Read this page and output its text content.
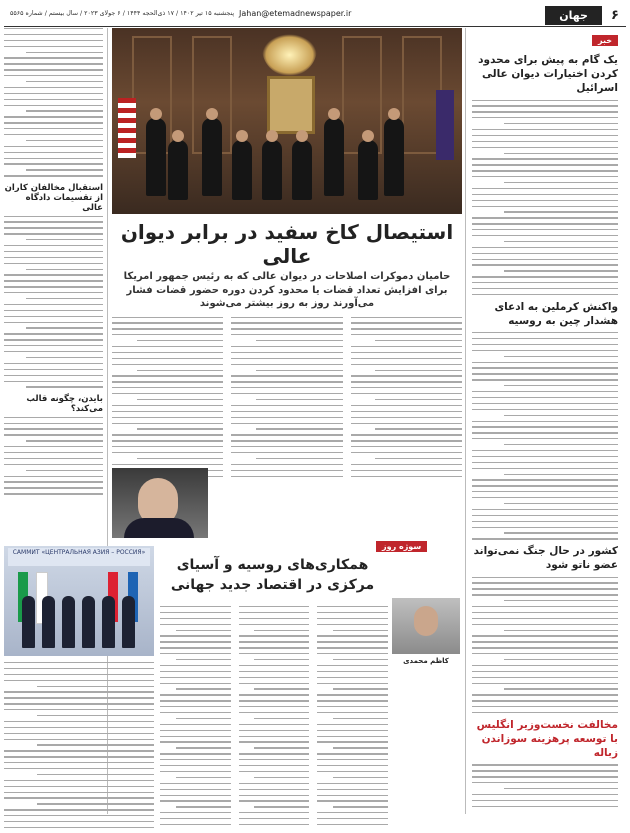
۶
جهان
Jahan@etemadnewspaper.ir
پنجشنبه ۱۵ تیر ۱۴۰۲ / ۱۷ ذی‌الحجه ۱۴۴۴ / ۶ جولای ۲۰۲۳ / سال بیستم / شماره ۵۵۶۵
خبر
یک گام به پیش برای محدود کردن اختیارات دیوان عالی اسرائیل
واکنش کرملین به ادعای هشدار چین به روسیه
کشور در حال جنگ نمی‌تواند عضو ناتو شود
مخالفت نخست‌وزیر انگلیس با توسعه پرهزینه سوزاندن زباله
استیصال کاخ سفید در برابر دیوان عالی
حامیان دموکرات اصلاحات در دیوان عالی که به رئیس جمهور امریکا برای افزایش تعداد قضات یا محدود کردن دوره حضور قضات فشار می‌آورند روز به روز بیشتر می‌شوند
استقبال مخالفان کاران از تقسیمات دادگاه عالی
بایدن، چگونه قالب می‌کند؟
САММИТ «ЦЕНТРАЛЬНАЯ АЗИЯ – РОССИЯ»
سوژه روز
همکاری‌های روسیه و آسیای مرکزی در اقتصاد جدید جهانی
کاظم محمدی
